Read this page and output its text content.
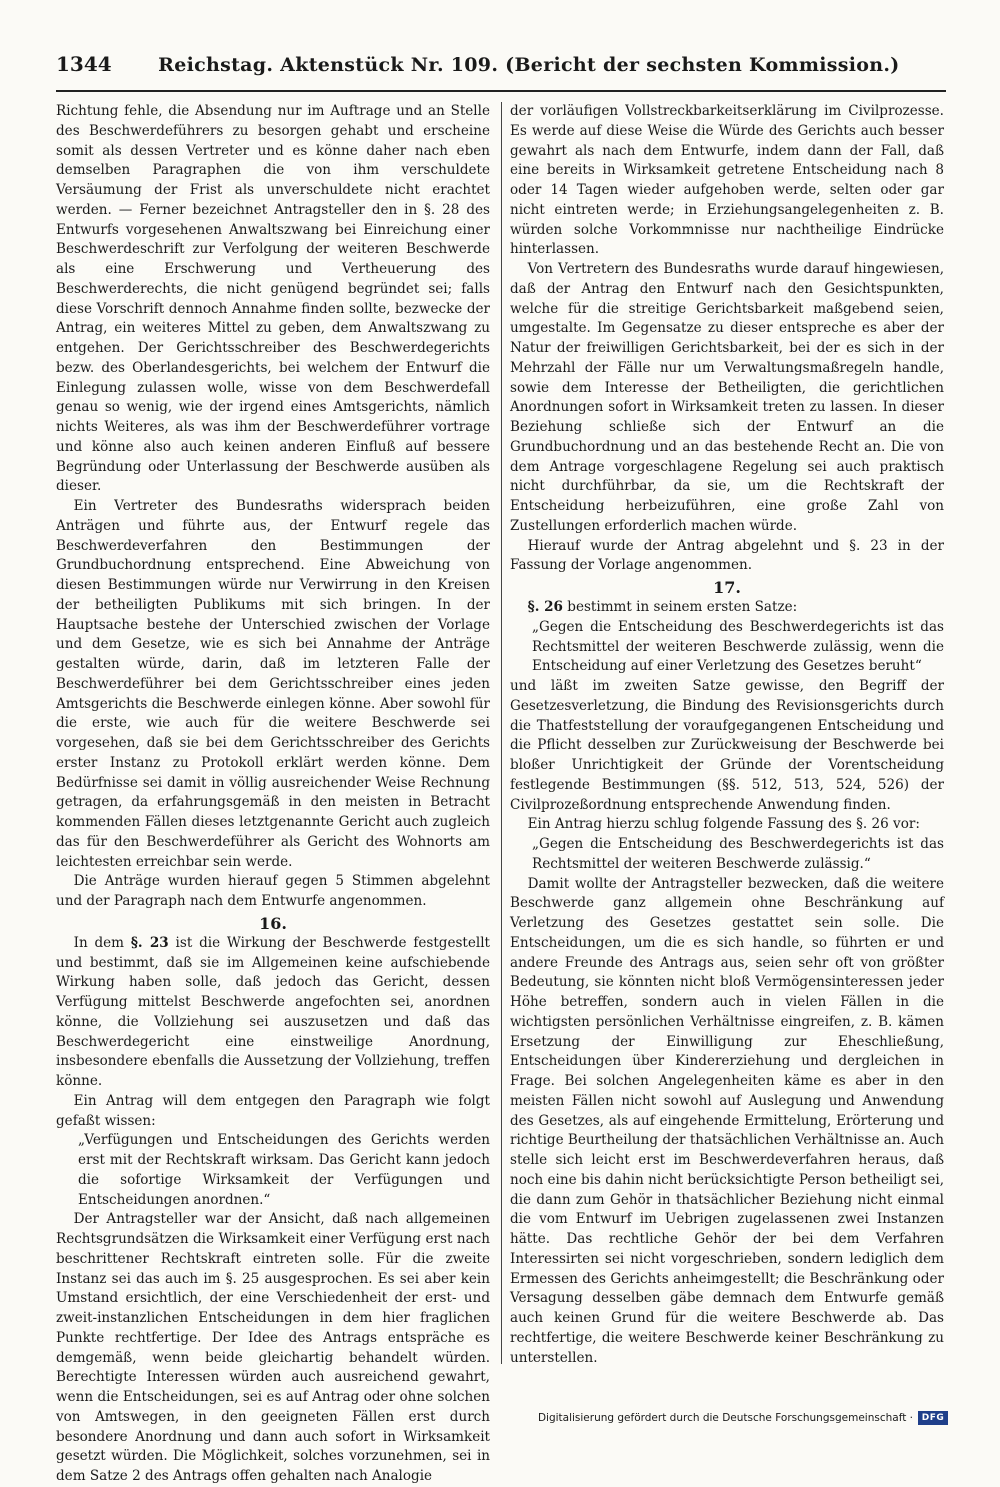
1344	Reichstag. Aktenstück Nr. 109. (Bericht der sechsten Kommission.)

Richtung fehle, die Absendung nur im Auftrage und an Stelle des Beschwerdeführers zu besorgen gehabt und erscheine somit als dessen Vertreter und es könne daher nach eben demselben Paragraphen die von ihm verschuldete Versäumung der Frist als unverschuldete nicht erachtet werden. — Ferner bezeichnet Antragsteller den in §. 28 des Entwurfs vorgesehenen Anwaltszwang bei Einreichung einer Beschwerdeschrift zur Verfolgung der weiteren Beschwerde als eine Erschwerung und Vertheuerung des Beschwerderechts, die nicht genügend begründet sei; falls diese Vorschrift dennoch Annahme finden sollte, bezwecke der Antrag, ein weiteres Mittel zu geben, dem Anwaltszwang zu entgehen. Der Gerichtsschreiber des Beschwerdegerichts bezw. des Oberlandesgerichts, bei welchem der Entwurf die Einlegung zulassen wolle, wisse von dem Beschwerdefall genau so wenig, wie der irgend eines Amtsgerichts, nämlich nichts Weiteres, als was ihm der Beschwerdeführer vortrage und könne also auch keinen anderen Einfluß auf bessere Begründung oder Unterlassung der Beschwerde ausüben als dieser.

Ein Vertreter des Bundesraths widersprach beiden Anträgen und führte aus, der Entwurf regele das Beschwerdeverfahren den Bestimmungen der Grundbuchordnung entsprechend. Eine Abweichung von diesen Bestimmungen würde nur Verwirrung in den Kreisen der betheiligten Publikums mit sich bringen. In der Hauptsache bestehe der Unterschied zwischen der Vorlage und dem Gesetze, wie es sich bei Annahme der Anträge gestalten würde, darin, daß im letzteren Falle der Beschwerdeführer bei dem Gerichtsschreiber eines jeden Amtsgerichts die Beschwerde einlegen könne. Aber sowohl für die erste, wie auch für die weitere Beschwerde sei vorgesehen, daß sie bei dem Gerichtsschreiber des Gerichts erster Instanz zu Protokoll erklärt werden könne. Dem Bedürfnisse sei damit in völlig ausreichender Weise Rechnung getragen, da erfahrungsgemäß in den meisten in Betracht kommenden Fällen dieses letztgenannte Gericht auch zugleich das für den Beschwerdeführer als Gericht des Wohnorts am leichtesten erreichbar sein werde.

Die Anträge wurden hierauf gegen 5 Stimmen abgelehnt und der Paragraph nach dem Entwurfe angenommen.

16.

In dem §. 23 ist die Wirkung der Beschwerde festgestellt und bestimmt, daß sie im Allgemeinen keine aufschiebende Wirkung haben solle, daß jedoch das Gericht, dessen Verfügung mittelst Beschwerde angefochten sei, anordnen könne, die Vollziehung sei auszusetzen und daß das Beschwerdegericht eine einstweilige Anordnung, insbesondere ebenfalls die Aussetzung der Vollziehung, treffen könne.

Ein Antrag will dem entgegen den Paragraph wie folgt gefaßt wissen:

„Verfügungen und Entscheidungen des Gerichts werden erst mit der Rechtskraft wirksam. Das Gericht kann jedoch die sofortige Wirksamkeit der Verfügungen und Entscheidungen anordnen.“

Der Antragsteller war der Ansicht, daß nach allgemeinen Rechtsgrundsätzen die Wirksamkeit einer Verfügung erst nach beschrittener Rechtskraft eintreten solle. Für die zweite Instanz sei das auch im §. 25 ausgesprochen. Es sei aber kein Umstand ersichtlich, der eine Verschiedenheit der erst- und zweit-instanzlichen Entscheidungen in dem hier fraglichen Punkte rechtfertige. Der Idee des Antrags entspräche es demgemäß, wenn beide gleichartig behandelt würden. Berechtigte Interessen würden auch ausreichend gewahrt, wenn die Entscheidungen, sei es auf Antrag oder ohne solchen von Amtswegen, in den geeigneten Fällen erst durch besondere Anordnung und dann auch sofort in Wirksamkeit gesetzt würden. Die Möglichkeit, solches vorzunehmen, sei in dem Satze 2 des Antrags offen gehalten nach Analogie

der vorläufigen Vollstreckbarkeitserklärung im Civilprozesse. Es werde auf diese Weise die Würde des Gerichts auch besser gewahrt als nach dem Entwurfe, indem dann der Fall, daß eine bereits in Wirksamkeit getretene Entscheidung nach 8 oder 14 Tagen wieder aufgehoben werde, selten oder gar nicht eintreten werde; in Erziehungsangelegenheiten z. B. würden solche Vorkommnisse nur nachtheilige Eindrücke hinterlassen.

Von Vertretern des Bundesraths wurde darauf hingewiesen, daß der Antrag den Entwurf nach den Gesichtspunkten, welche für die streitige Gerichtsbarkeit maßgebend seien, umgestalte. Im Gegensatze zu dieser entspreche es aber der Natur der freiwilligen Gerichtsbarkeit, bei der es sich in der Mehrzahl der Fälle nur um Verwaltungsmaßregeln handle, sowie dem Interesse der Betheiligten, die gerichtlichen Anordnungen sofort in Wirksamkeit treten zu lassen. In dieser Beziehung schließe sich der Entwurf an die Grundbuchordnung und an das bestehende Recht an. Die von dem Antrage vorgeschlagene Regelung sei auch praktisch nicht durchführbar, da sie, um die Rechtskraft der Entscheidung herbeizuführen, eine große Zahl von Zustellungen erforderlich machen würde.

Hierauf wurde der Antrag abgelehnt und §. 23 in der Fassung der Vorlage angenommen.

17.

§. 26 bestimmt in seinem ersten Satze:

„Gegen die Entscheidung des Beschwerdegerichts ist das Rechtsmittel der weiteren Beschwerde zulässig, wenn die Entscheidung auf einer Verletzung des Gesetzes beruht“

und läßt im zweiten Satze gewisse, den Begriff der Gesetzesverletzung, die Bindung des Revisionsgerichts durch die Thatfeststellung der voraufgegangenen Entscheidung und die Pflicht desselben zur Zurückweisung der Beschwerde bei bloßer Unrichtigkeit der Gründe der Vorentscheidung festlegende Bestimmungen (§§. 512, 513, 524, 526) der Civilprozeßordnung entsprechende Anwendung finden.

Ein Antrag hierzu schlug folgende Fassung des §. 26 vor:

„Gegen die Entscheidung des Beschwerdegerichts ist das Rechtsmittel der weiteren Beschwerde zulässig.“

Damit wollte der Antragsteller bezwecken, daß die weitere Beschwerde ganz allgemein ohne Beschränkung auf Verletzung des Gesetzes gestattet sein solle. Die Entscheidungen, um die es sich handle, so führten er und andere Freunde des Antrags aus, seien sehr oft von größter Bedeutung, sie könnten nicht bloß Vermögensinteressen jeder Höhe betreffen, sondern auch in vielen Fällen in die wichtigsten persönlichen Verhältnisse eingreifen, z. B. kämen Ersetzung der Einwilligung zur Eheschließung, Entscheidungen über Kindererziehung und dergleichen in Frage. Bei solchen Angelegenheiten käme es aber in den meisten Fällen nicht sowohl auf Auslegung und Anwendung des Gesetzes, als auf eingehende Ermittelung, Erörterung und richtige Beurtheilung der thatsächlichen Verhältnisse an. Auch stelle sich leicht erst im Beschwerdeverfahren heraus, daß noch eine bis dahin nicht berücksichtigte Person betheiligt sei, die dann zum Gehör in thatsächlicher Beziehung nicht einmal die vom Entwurf im Uebrigen zugelassenen zwei Instanzen hätte. Das rechtliche Gehör der bei dem Verfahren Interessirten sei nicht vorgeschrieben, sondern lediglich dem Ermessen des Gerichts anheimgestellt; die Beschränkung oder Versagung desselben gäbe demnach dem Entwurfe gemäß auch keinen Grund für die weitere Beschwerde ab. Das rechtfertige, die weitere Beschwerde keiner Beschränkung zu unterstellen.

Digitalisierung gefördert durch die Deutsche Forschungsgemeinschaft · DFG
